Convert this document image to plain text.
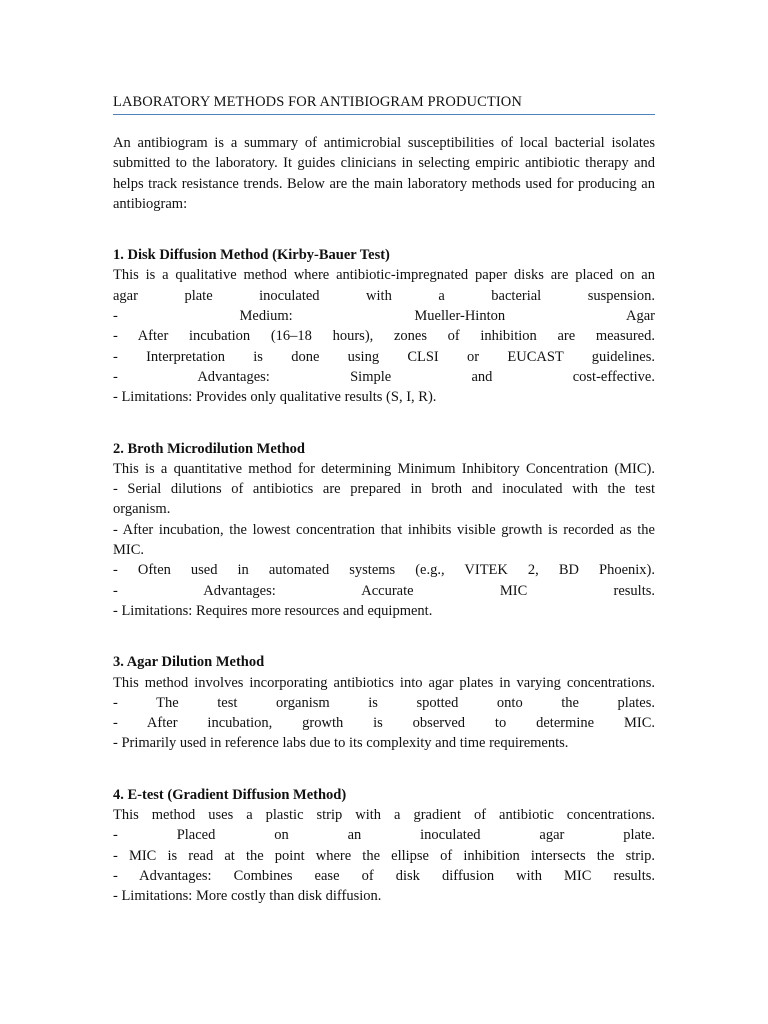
LABORATORY METHODS FOR ANTIBIOGRAM PRODUCTION

An antibiogram is a summary of antimicrobial susceptibilities of local bacterial isolates submitted to the laboratory. It guides clinicians in selecting empiric antibiotic therapy and helps track resistance trends. Below are the main laboratory methods used for producing an antibiogram:

1. Disk Diffusion Method (Kirby-Bauer Test)

This is a qualitative method where antibiotic-impregnated paper disks are placed on an

agar plate inoculated with a bacterial suspension.

- Medium: Mueller-Hinton Agar

- After incubation (16–18 hours), zones of inhibition are measured.

- Interpretation is done using CLSI or EUCAST guidelines.

- Advantages: Simple and cost-effective.

- Limitations: Provides only qualitative results (S, I, R).

2. Broth Microdilution Method

This is a quantitative method for determining Minimum Inhibitory Concentration (MIC).

- Serial dilutions of antibiotics are prepared in broth and inoculated with the test

organism.

- After incubation, the lowest concentration that inhibits visible growth is recorded as the

MIC.

- Often used in automated systems (e.g., VITEK 2, BD Phoenix).

- Advantages: Accurate MIC results.

- Limitations: Requires more resources and equipment.

3. Agar Dilution Method

This method involves incorporating antibiotics into agar plates in varying concentrations.

- The test organism is spotted onto the plates.

- After incubation, growth is observed to determine MIC.

- Primarily used in reference labs due to its complexity and time requirements.

4. E-test (Gradient Diffusion Method)

This method uses a plastic strip with a gradient of antibiotic concentrations.

- Placed on an inoculated agar plate.

- MIC is read at the point where the ellipse of inhibition intersects the strip.

- Advantages: Combines ease of disk diffusion with MIC results.

- Limitations: More costly than disk diffusion.
